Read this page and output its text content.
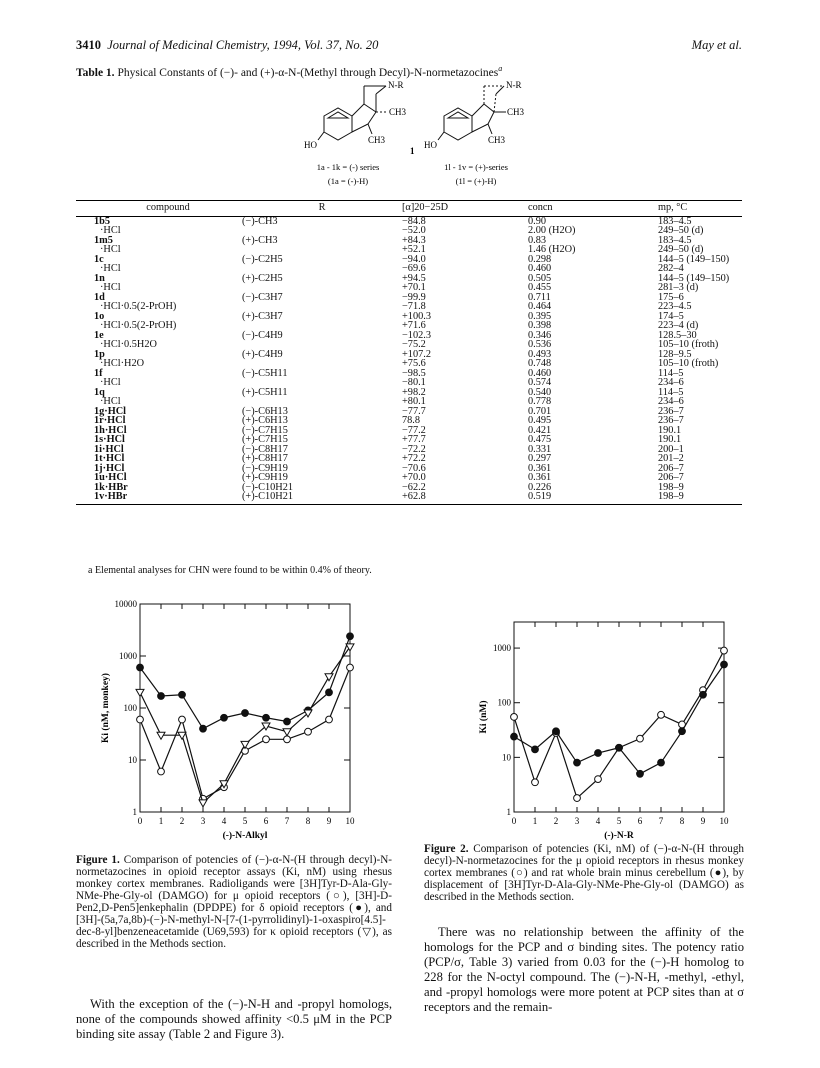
3410 Journal of Medicinal Chemistry, 1994, Vol. 37, No. 20	May et al.
Table 1. Physical Constants of (−)- and (+)-α-N-(Methyl through Decyl)-N-normetazocines$^a$
N-R
CH3
CH3
HO
N-R
CH3
CH3
HO
1
1a - 1k = (-) series
(1a = (-)-H)
1l - 1v = (+)-series
(1l = (+)-H)
compound	R	[α]20−25D	concn	mp, °C
1b5	(−)-CH3	−84.8	0.90	183–4.5
·HCl		−52.0	2.00 (H2O)	249–50 (d)
1m5	(+)-CH3	+84.3	0.83	183–4.5
·HCl		+52.1	1.46 (H2O)	249–50 (d)
1c	(−)-C2H5	−94.0	0.298	144–5 (149–150)
·HCl		−69.6	0.460	282–4
1n	(+)-C2H5	+94.5	0.505	144–5 (149–150)
·HCl		+70.1	0.455	281–3 (d)
1d	(−)-C3H7	−99.9	0.711	175–6
·HCl·0.5(2-PrOH)		−71.8	0.464	223–4.5
1o	(+)-C3H7	+100.3	0.395	174–5
·HCl·0.5(2-PrOH)		+71.6	0.398	223–4 (d)
1e	(−)-C4H9	−102.3	0.346	128.5–30
·HCl·0.5H2O		−75.2	0.536	105–10 (froth)
1p	(+)-C4H9	+107.2	0.493	128–9.5
·HCl·H2O		+75.6	0.748	105–10 (froth)
1f	(−)-C5H11	−98.5	0.460	114–5
·HCl		−80.1	0.574	234–6
1q	(+)-C5H11	+98.2	0.540	114–5
·HCl		+80.1	0.778	234–6
1g·HCl	(−)-C6H13	−77.7	0.701	236–7
1r·HCl	(+)-C6H13	78.8	0.495	236–7
1h·HCl	(−)-C7H15	−77.2	0.421	190.1
1s·HCl	(+)-C7H15	+77.7	0.475	190.1
1i·HCl	(−)-C8H17	−72.2	0.331	200–1
1t·HCl	(+)-C8H17	+72.2	0.297	201–2
1j·HCl	(−)-C9H19	−70.6	0.361	206–7
1u·HCl	(+)-C9H19	+70.0	0.361	206–7
1k·HBr	(−)-C10H21	−62.2	0.226	198–9
1v·HBr	(+)-C10H21	+62.8	0.519	198–9
a Elemental analyses for CHN were found to be within 0.4% of theory.
0 1 2 3 4 5 6 7 8 9 10
1
10
100
1000
10000
Ki (nM, monkey)
(-)-N-Alkyl
Figure 1. Comparison of potencies of (−)-α-N-(H through decyl)-N-normetazocines in opioid receptor assays (Ki, nM) using rhesus monkey cortex membranes. Radioligands were [3H]Tyr-D-Ala-Gly-NMe-Phe-Gly-ol (DAMGO) for μ opioid receptors (○), [3H]-D-Pen2,D-Pen5]enkephalin (DPDPE) for δ opioid receptors (●), and [3H]-(5a,7a,8b)-(−)-N-methyl-N-[7-(1-pyrrolidinyl)-1-oxaspiro[4.5]-dec-8-yl]benzeneacetamide (U69,593) for κ opioid receptors (▽), as described in the Methods section.
With the exception of the (−)-N-H and -propyl homologs, none of the compounds showed affinity <0.5 μM in the PCP binding site assay (Table 2 and Figure 3).
0 1 2 3 4 5 6 7 8 9 10
1
10
100
1000
Ki (nM)
(-)-N-R
Figure 2. Comparison of potencies (Ki, nM) of (−)-α-N-(H through decyl)-N-normetazocines for the μ opioid receptors in rhesus monkey cortex membranes (○) and rat whole brain minus cerebellum (●), by displacement of [3H]Tyr-D-Ala-Gly-NMe-Phe-Gly-ol (DAMGO) as described in the Methods section.
There was no relationship between the affinity of the homologs for the PCP and σ binding sites. The potency ratio (PCP/σ, Table 3) varied from 0.03 for the (−)-H homolog to 228 for the N-octyl compound. The (−)-N-H, -methyl, -ethyl, and -propyl homologs were more potent at PCP sites than at σ receptors and the remain-
